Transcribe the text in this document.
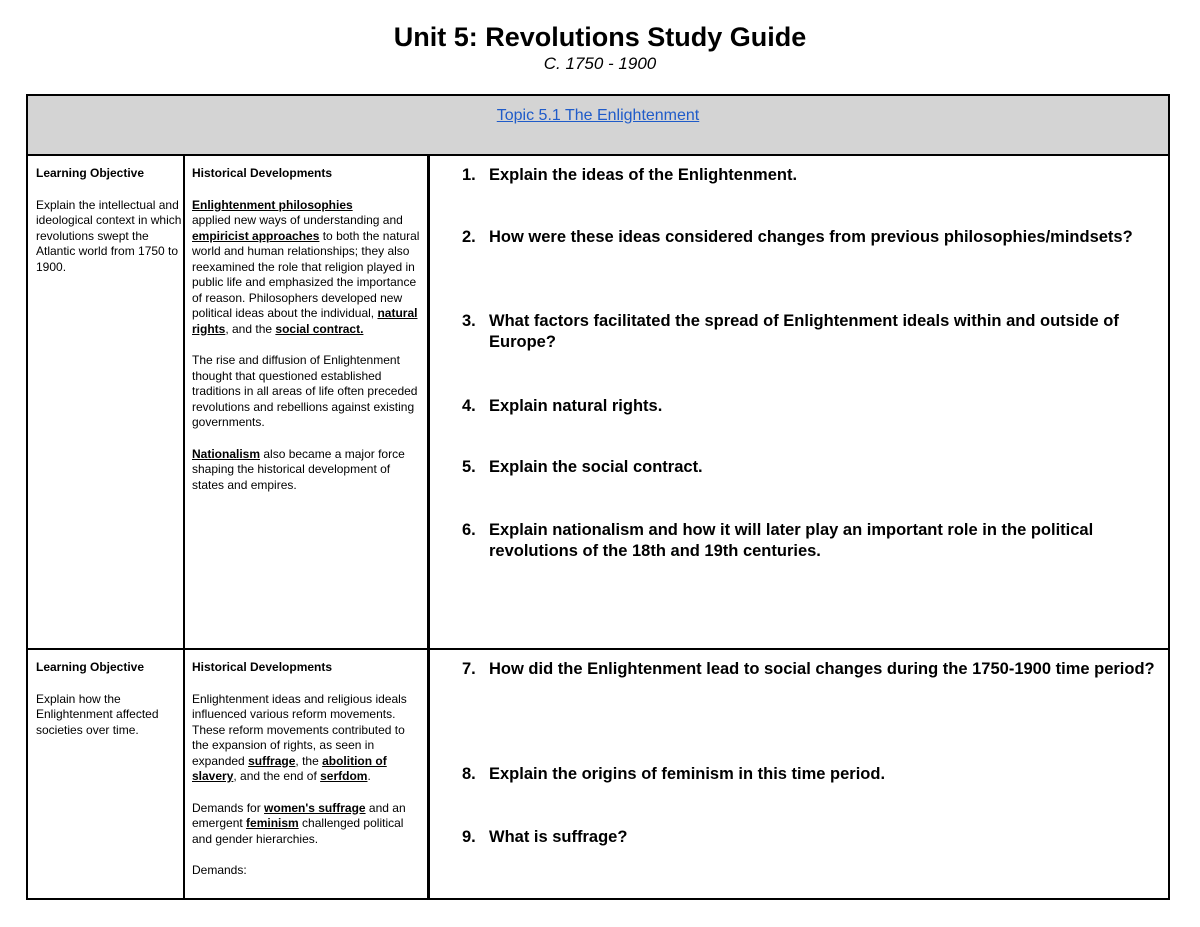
Unit 5: Revolutions Study Guide
C. 1750 - 1900
Topic 5.1 The Enlightenment
Learning Objective
Explain the intellectual and ideological context in which revolutions swept the Atlantic world from 1750 to 1900.
Historical Developments
Enlightenment philosophies
applied new ways of understanding and empiricist approaches to both the natural world and human relationships; they also reexamined the role that religion played in public life and emphasized the importance of reason. Philosophers developed new political ideas about the individual, natural rights, and the social contract.
The rise and diffusion of Enlightenment thought that questioned established traditions in all areas of life often preceded revolutions and rebellions against existing governments.
Nationalism also became a major force shaping the historical development of states and empires.
1. Explain the ideas of the Enlightenment.
2. How were these ideas considered changes from previous philosophies/mindsets?
3. What factors facilitated the spread of Enlightenment ideals within and outside of Europe?
4. Explain natural rights.
5. Explain the social contract.
6. Explain nationalism and how it will later play an important role in the political revolutions of the 18th and 19th centuries.
Learning Objective
Explain how the Enlightenment affected societies over time.
Historical Developments
Enlightenment ideas and religious ideals influenced various reform movements. These reform movements contributed to the expansion of rights, as seen in expanded suffrage, the abolition of slavery, and the end of serfdom.
Demands for women's suffrage and an emergent feminism challenged political and gender hierarchies.
Demands:
7. How did the Enlightenment lead to social changes during the 1750-1900 time period?
8. Explain the origins of feminism in this time period.
9. What is suffrage?
